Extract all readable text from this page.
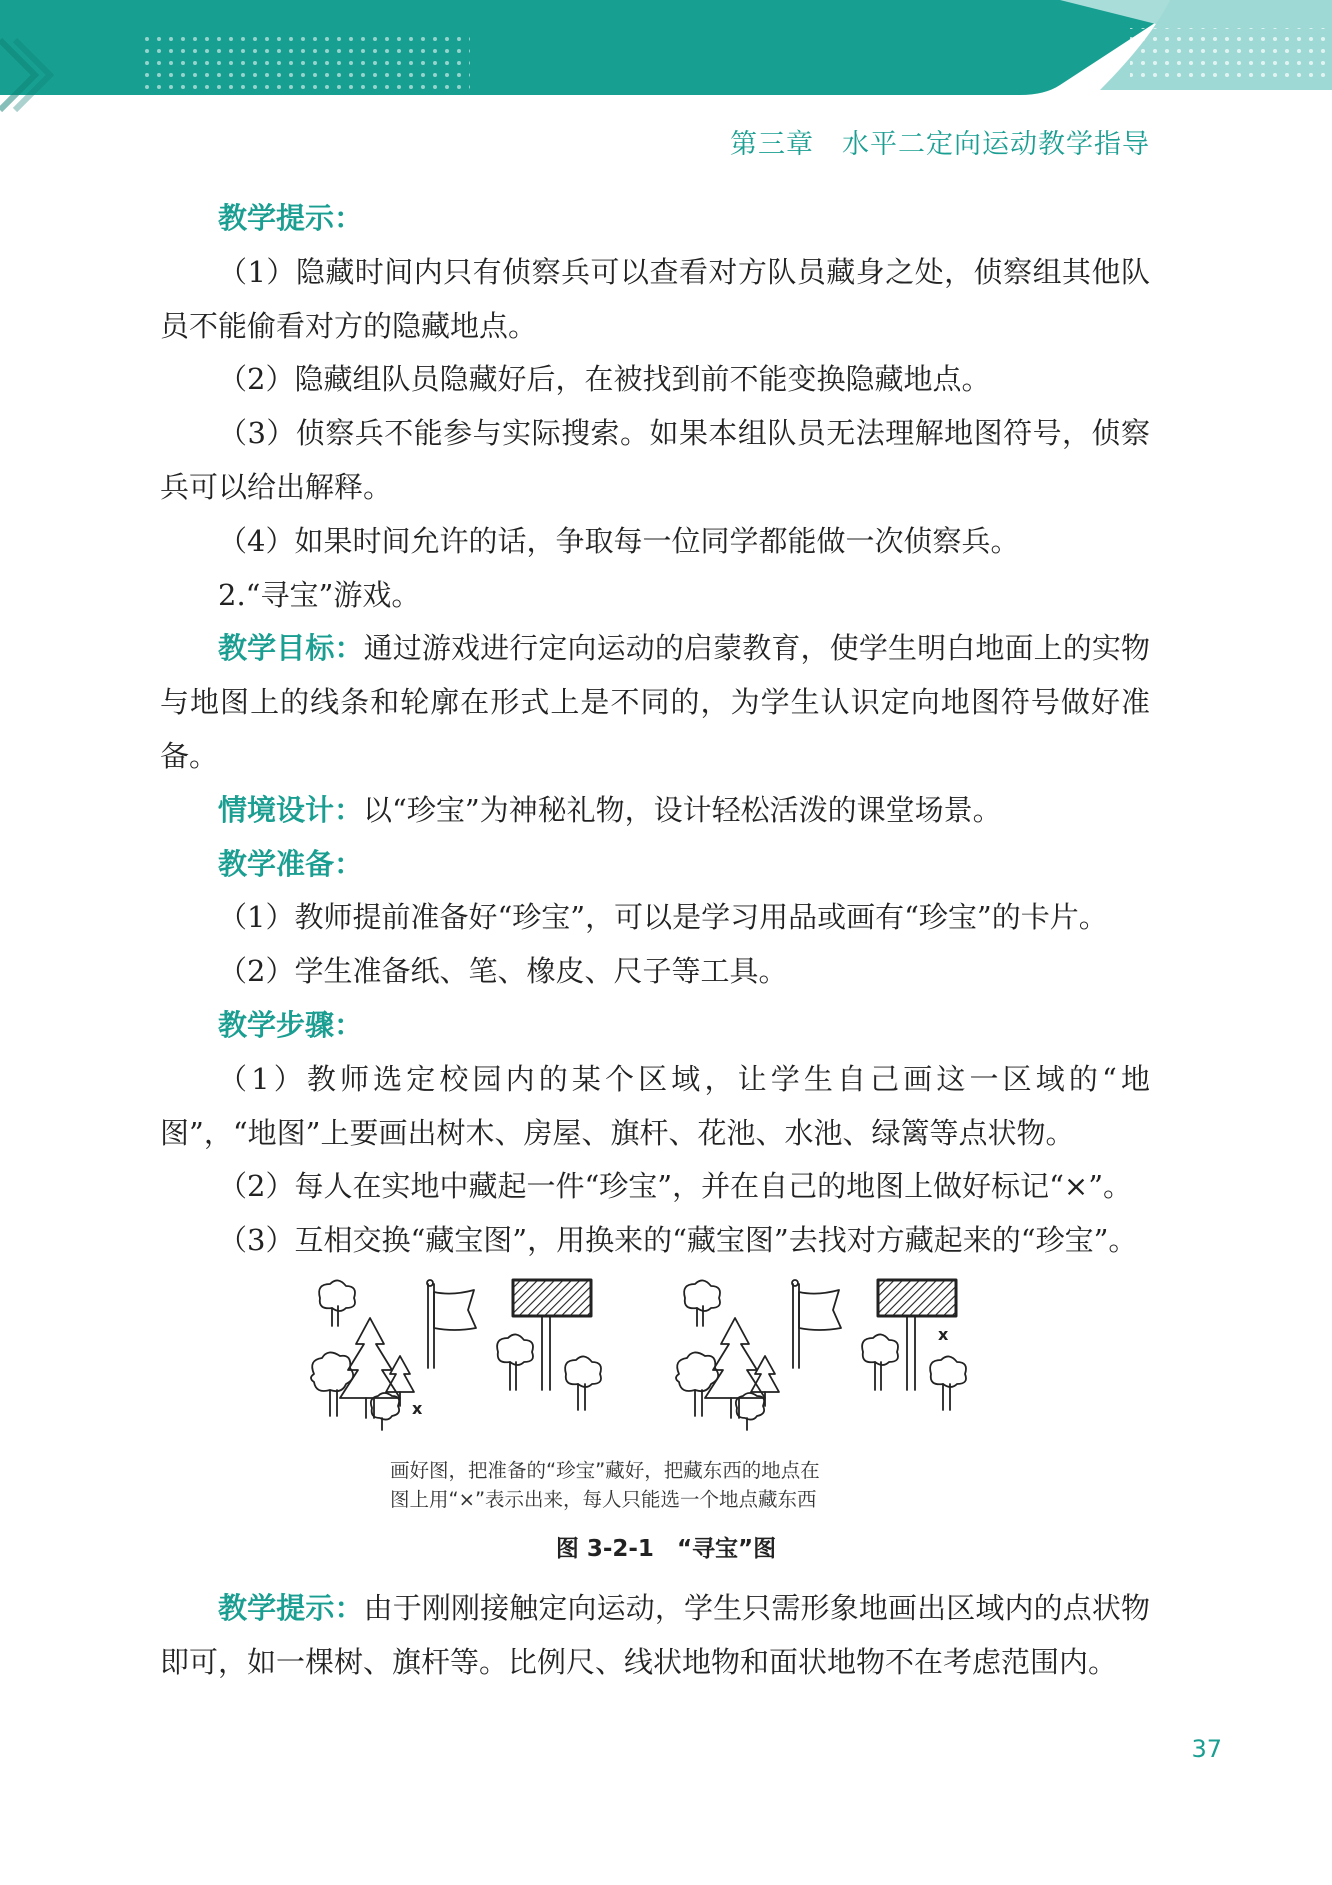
第三章　水平二定向运动教学指导

教学提示：

（1）隐藏时间内只有侦察兵可以查看对方队员藏身之处，侦察组其他队员不能偷看对方的隐藏地点。

（2）隐藏组队员隐藏好后，在被找到前不能变换隐藏地点。

（3）侦察兵不能参与实际搜索。如果本组队员无法理解地图符号，侦察兵可以给出解释。

（4）如果时间允许的话，争取每一位同学都能做一次侦察兵。

2.“寻宝”游戏。

教学目标：通过游戏进行定向运动的启蒙教育，使学生明白地面上的实物与地图上的线条和轮廓在形式上是不同的，为学生认识定向地图符号做好准备。

情境设计：以“珍宝”为神秘礼物，设计轻松活泼的课堂场景。

教学准备：

（1）教师提前准备好“珍宝”，可以是学习用品或画有“珍宝”的卡片。

（2）学生准备纸、笔、橡皮、尺子等工具。

教学步骤：

（1）教师选定校园内的某个区域，让学生自己画这一区域的“地图”，“地图”上要画出树木、房屋、旗杆、花池、水池、绿篱等点状物。

（2）每人在实地中藏起一件“珍宝”，并在自己的地图上做好标记“×”。

（3）互相交换“藏宝图”，用换来的“藏宝图”去找对方藏起来的“珍宝”。

x
x
画好图，把准备的“珍宝”藏好，把藏东西的地点在
图上用“×”表示出来，每人只能选一个地点藏东西
图 3-2-1　“寻宝”图

教学提示：由于刚刚接触定向运动，学生只需形象地画出区域内的点状物即可，如一棵树、旗杆等。比例尺、线状地物和面状地物不在考虑范围内。

37
